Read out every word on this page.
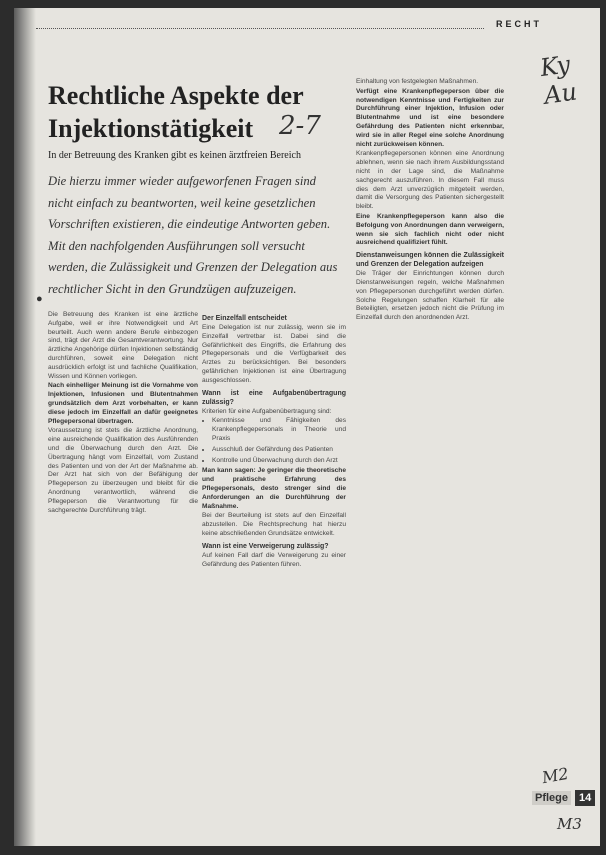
RECHT
Ky Au
Rechtliche Aspekte der Injektionstätigkeit 2-7

In der Betreuung des Kranken gibt es keinen ärztfreien Bereich

Die hierzu immer wieder aufgeworfenen Fragen sind nicht einfach zu beantworten, weil keine gesetzlichen Vorschriften existieren, die eindeutige Antworten geben. Mit den nachfolgenden Ausführungen soll versucht werden, die Zulässigkeit und Grenzen der Delegation aus rechtlicher Sicht in den Grundzügen aufzuzeigen.

●

Die Betreuung des Kranken ist eine ärztliche Aufgabe, weil er ihre Notwendigkeit und Art beurteilt. Auch wenn andere Berufe einbezogen sind, trägt der Arzt die Gesamtverantwortung. Nur ärztliche Angehörige dürfen Injektionen selbständig durchführen, soweit eine Delegation nicht ausdrücklich erfolgt ist und fachliche Qualifikation, Wissen und Können vorliegen.

Nach einhelliger Meinung ist die Vornahme von Injektionen, Infusionen und Blutentnahmen grundsätzlich dem Arzt vorbehalten, er kann diese jedoch im Einzelfall an dafür geeignetes Pflegepersonal übertragen.

Voraussetzung ist stets die ärztliche Anordnung, eine ausreichende Qualifikation des Ausführenden und die Überwachung durch den Arzt. Die Übertragung hängt vom Einzelfall, vom Zustand des Patienten und von der Art der Maßnahme ab. Der Arzt hat sich von der Befähigung der Pflegeperson zu überzeugen und bleibt für die Anordnung verantwortlich, während die Pflegeperson die Verantwortung für die sachgerechte Durchführung trägt.

Der Einzelfall entscheidet

Eine Delegation ist nur zulässig, wenn sie im Einzelfall vertretbar ist. Dabei sind die Gefährlichkeit des Eingriffs, die Erfahrung des Pflegepersonals und die Verfügbarkeit des Arztes zu berücksichtigen. Bei besonders gefährlichen Injektionen ist eine Übertragung ausgeschlossen.

Wann ist eine Aufgabenübertragung zulässig?

Kriterien für eine Aufgabenübertragung sind:

• Kenntnisse und Fähigkeiten des Krankenpflegepersonals in Theorie und Praxis
• Ausschluß der Gefährdung des Patienten
• Kontrolle und Überwachung durch den Arzt

Man kann sagen: Je geringer die theoretische und praktische Erfahrung des Pflegepersonals, desto strenger sind die Anforderungen an die Durchführung der Maßnahme.

Bei der Beurteilung ist stets auf den Einzelfall abzustellen. Die Rechtsprechung hat hierzu keine abschließenden Grundsätze entwickelt.

Wann ist eine Verweigerung zulässig?

Auf keinen Fall darf die Verweigerung zu einer Gefährdung des Patienten führen.

Einhaltung von festgelegten Maßnahmen.

Verfügt eine Krankenpflegeperson über die notwendigen Kenntnisse und Fertigkeiten zur Durchführung einer Injektion, Infusion oder Blutentnahme und ist eine besondere Gefährdung des Patienten nicht erkennbar, wird sie in aller Regel eine solche Anordnung nicht zurückweisen können.

Krankenpflegepersonen können eine Anordnung ablehnen, wenn sie nach ihrem Ausbildungsstand nicht in der Lage sind, die Maßnahme sachgerecht auszuführen. In diesem Fall muss dies dem Arzt unverzüglich mitgeteilt werden, damit die Versorgung des Patienten sichergestellt bleibt.

Eine Krankenpflegeperson kann also die Befolgung von Anordnungen dann verweigern, wenn sie sich fachlich nicht oder nicht ausreichend qualifiziert fühlt.

Dienstanweisungen können die Zulässigkeit und Grenzen der Delegation aufzeigen

Die Träger der Einrichtungen können durch Dienstanweisungen regeln, welche Maßnahmen von Pflegepersonen durchgeführt werden dürfen. Solche Regelungen schaffen Klarheit für alle Beteiligten, ersetzen jedoch nicht die Prüfung im Einzelfall durch den anordnenden Arzt.

M2
Pflege	14
M3
